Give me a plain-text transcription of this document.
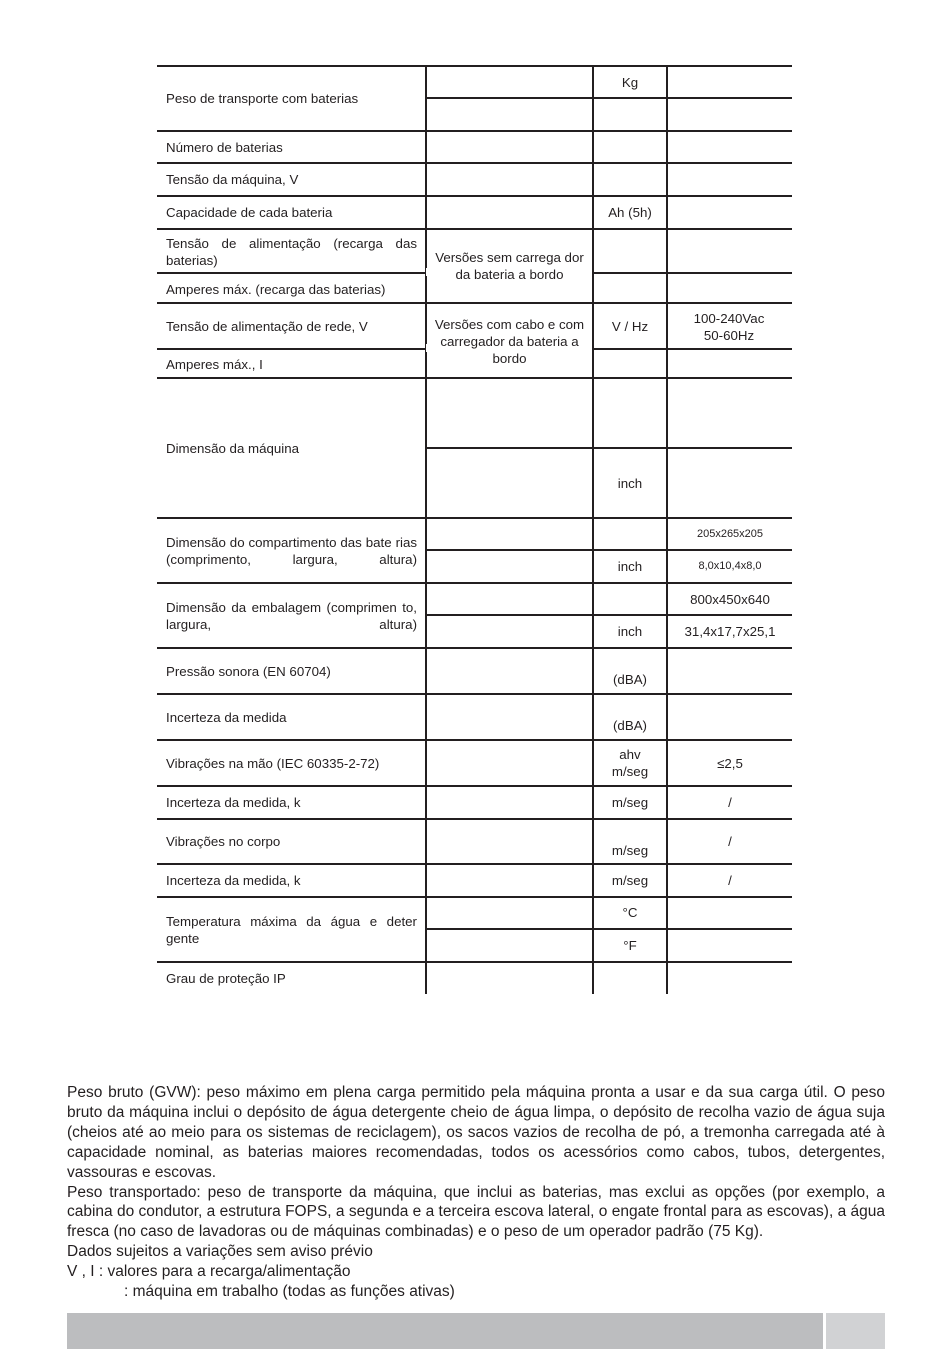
Peso de transporte com baterias
Número de baterias
Tensão da máquina, V
Capacidade de cada bateria
Tensão de alimentação (recarga das baterias)
Amperes máx. (recarga das baterias)
Tensão de alimentação de rede, V
Amperes máx., I
Dimensão da máquina
Dimensão do compartimento das bate rias (comprimento, largura, altura)
Dimensão da embalagem (comprimen to, largura, altura)
Pressão sonora (EN 60704)
Incerteza da medida
Vibrações na mão (IEC 60335-2-72)
Incerteza da medida, k
Vibrações no corpo
Incerteza da medida, k
Temperatura máxima da água e deter gente
Grau de proteção IP
Versões sem carrega dor da bateria a bordo
Versões com cabo e com carregador da bateria a bordo
Kg
Ah (5h)
V / Hz
inch
inch
inch
(dBA)
(dBA)
ahv m/seg
m/seg
m/seg
m/seg
°C
°F
100-240Vac 50-60Hz
205x265x205
8,0x10,4x8,0
800x450x640
31,4x17,7x25,1
≤2,5
/
/
/

Peso bruto (GVW): peso máximo em plena carga permitido pela máquina pronta a usar e da sua carga útil. O peso bruto da máquina inclui o depósito de água detergente cheio de água limpa, o depósito de recolha vazio de água suja (cheios até ao meio para os sistemas de reciclagem), os sacos vazios de recolha de pó, a tremonha carregada até à capacidade nominal, as baterias maiores recomendadas, todos os acessórios como cabos, tubos, detergentes, vassouras e escovas.

Peso transportado: peso de transporte da máquina, que inclui as baterias, mas exclui as opções (por exemplo, a cabina do condutor, a estrutura FOPS, a segunda e a terceira escova lateral, o engate frontal para as escovas), a água fresca (no caso de lavadoras ou de máquinas combinadas) e o peso de um operador padrão (75 Kg).

Dados sujeitos a variações sem aviso prévio

V , I : valores para a recarga/alimentação

: máquina em trabalho (todas as funções ativas)
